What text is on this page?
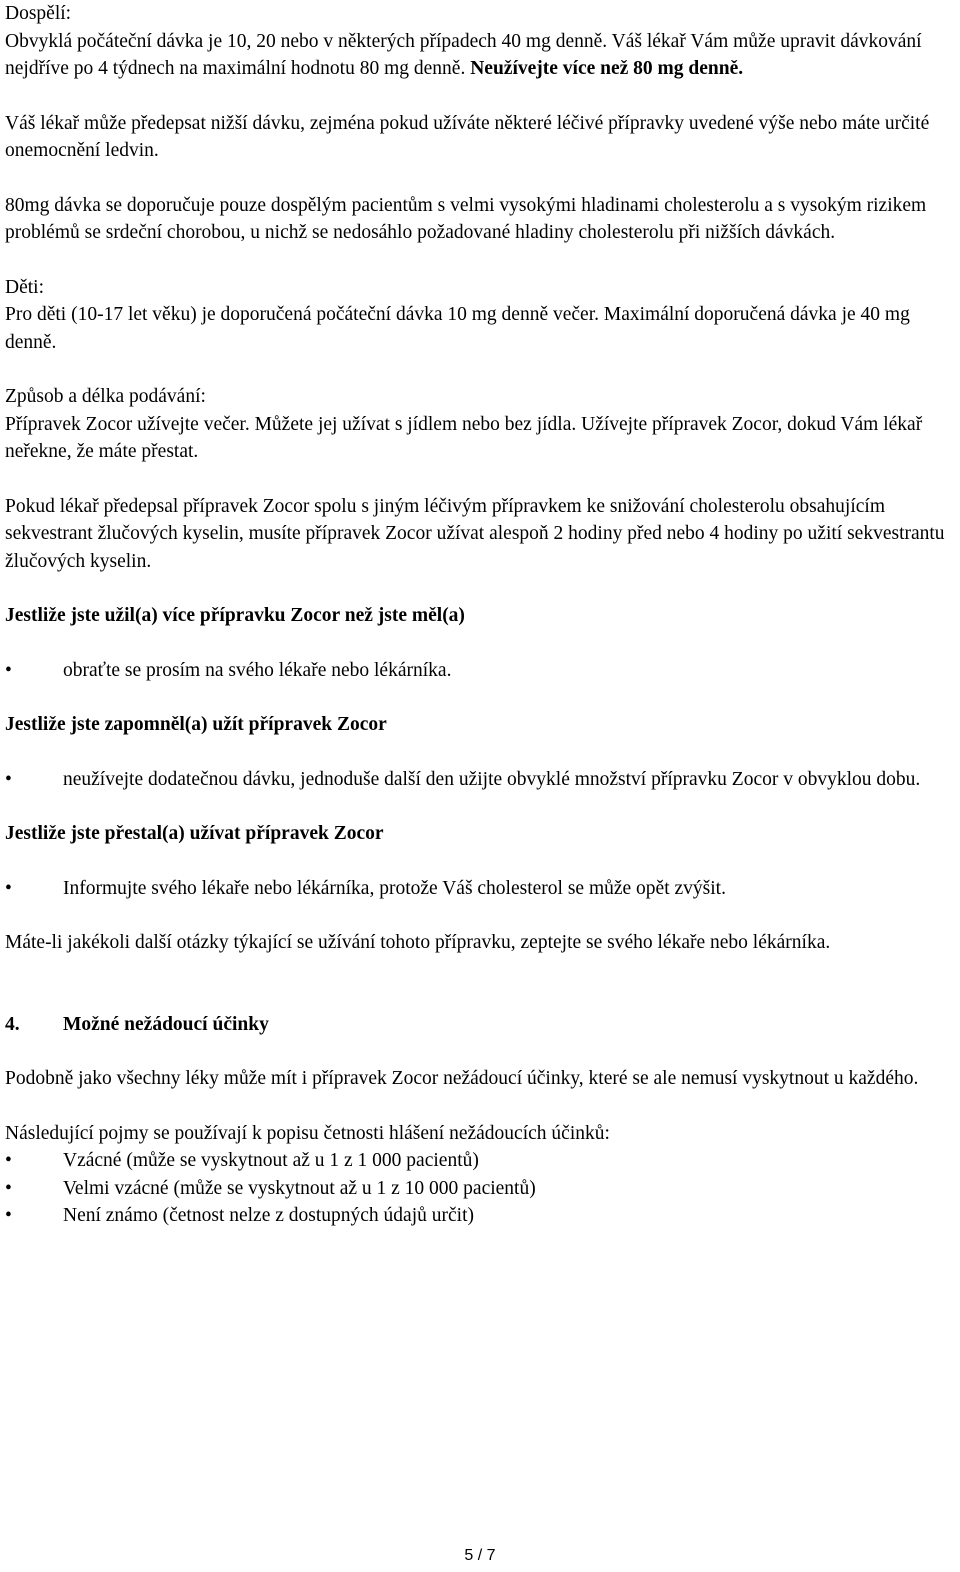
Dospělí:

Obvyklá počáteční dávka je 10, 20 nebo v některých případech 40 mg denně. Váš lékař Vám může upravit dávkování nejdříve po 4 týdnech na maximální hodnotu 80 mg denně. Neužívejte více než 80 mg denně.

Váš lékař může předepsat nižší dávku, zejména pokud užíváte některé léčivé přípravky uvedené výše nebo máte určité onemocnění ledvin.

80mg dávka se doporučuje pouze dospělým pacientům s velmi vysokými hladinami cholesterolu a s vysokým rizikem problémů se srdeční chorobou, u nichž se nedosáhlo požadované hladiny cholesterolu při nižších dávkách.

Děti:

Pro děti (10-17 let věku) je doporučená počáteční dávka 10 mg denně večer. Maximální doporučená dávka je 40 mg denně.

Způsob a délka podávání:

Přípravek Zocor užívejte večer. Můžete jej užívat s jídlem nebo bez jídla. Užívejte přípravek Zocor, dokud Vám lékař neřekne, že máte přestat.

Pokud lékař předepsal přípravek Zocor spolu s jiným léčivým přípravkem ke snižování cholesterolu obsahujícím sekvestrant žlučových kyselin, musíte přípravek Zocor užívat alespoň 2 hodiny před nebo 4 hodiny po užití sekvestrantu žlučových kyselin.

Jestliže jste užil(a) více přípravku Zocor než jste měl(a)

•	obraťte se prosím na svého lékaře nebo lékárníka.

Jestliže jste zapomněl(a) užít přípravek Zocor

•	neužívejte dodatečnou dávku, jednoduše další den užijte obvyklé množství přípravku Zocor v obvyklou dobu.

Jestliže jste přestal(a) užívat přípravek Zocor

•	Informujte svého lékaře nebo lékárníka, protože Váš cholesterol se může opět zvýšit.

Máte-li jakékoli další otázky týkající se užívání tohoto přípravku, zeptejte se svého lékaře nebo lékárníka.

4. Možné nežádoucí účinky

Podobně jako všechny léky může mít i přípravek Zocor nežádoucí účinky, které se ale nemusí vyskytnout u každého.

Následující pojmy se používají k popisu četnosti hlášení nežádoucích účinků:

•	Vzácné (může se vyskytnout až u 1 z 1 000 pacientů)
•	Velmi vzácné (může se vyskytnout až u 1 z 10 000 pacientů)
•	Není známo (četnost nelze z dostupných údajů určit)
5 / 7
